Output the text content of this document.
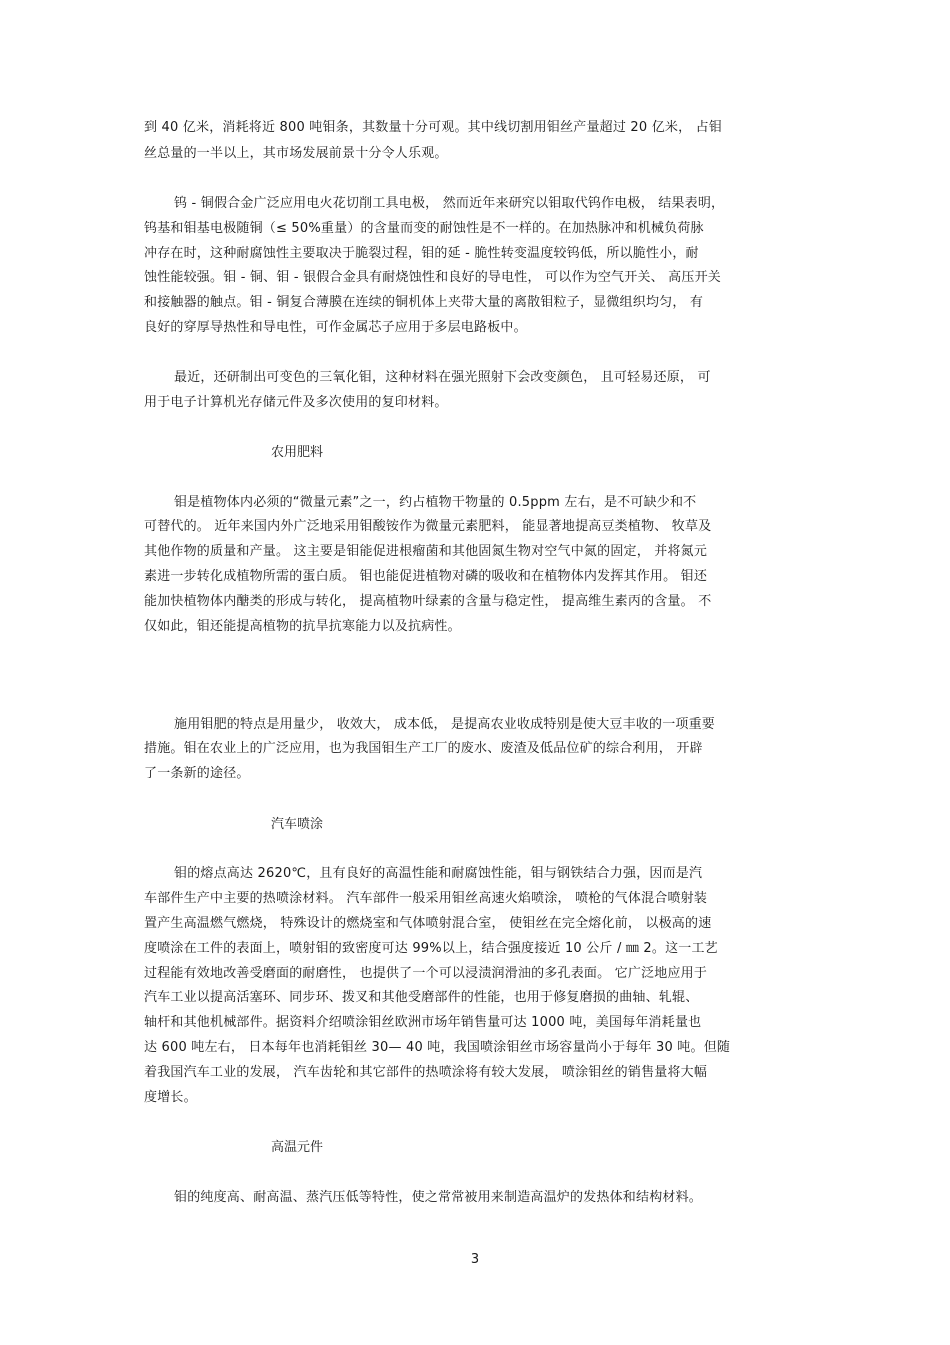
到 40 亿米，消耗将近 800 吨钼条，其数量十分可观。其中线切割用钼丝产量超过 20 亿米， 占钼
丝总量的一半以上，其市场发展前景十分令人乐观。
钨 - 铜假合金广泛应用电火花切削工具电极， 然而近年来研究以钼取代钨作电极， 结果表明，
钨基和钼基电极随铜（≤ 50%重量）的含量而变的耐蚀性是不一样的。在加热脉冲和机械负荷脉
冲存在时，这种耐腐蚀性主要取决于脆裂过程，钼的延 - 脆性转变温度较钨低，所以脆性小，耐
蚀性能较强。钼 - 铜、钼 - 银假合金具有耐烧蚀性和良好的导电性， 可以作为空气开关、 高压开关
和接触器的触点。钼 - 铜复合薄膜在连续的铜机体上夹带大量的离散钼粒子，显微组织均匀， 有
良好的穿厚导热性和导电性，可作金属芯子应用于多层电路板中。
最近，还研制出可变色的三氧化钼，这种材料在强光照射下会改变颜色， 且可轻易还原， 可
用于电子计算机光存储元件及多次使用的复印材料。
农用肥料
钼是植物体内必须的“微量元素”之一，约占植物干物量的 0.5ppm 左右，是不可缺少和不
可替代的。 近年来国内外广泛地采用钼酸铵作为微量元素肥料， 能显著地提高豆类植物、 牧草及
其他作物的质量和产量。 这主要是钼能促进根瘤菌和其他固氮生物对空气中氮的固定， 并将氮元
素进一步转化成植物所需的蛋白质。 钼也能促进植物对磷的吸收和在植物体内发挥其作用。 钼还
能加快植物体内醣类的形成与转化， 提高植物叶绿素的含量与稳定性， 提高维生素丙的含量。 不
仅如此，钼还能提高植物的抗旱抗寒能力以及抗病性。
施用钼肥的特点是用量少， 收效大， 成本低， 是提高农业收成特别是使大豆丰收的一项重要
措施。钼在农业上的广泛应用，也为我国钼生产工厂的废水、废渣及低品位矿的综合利用， 开辟
了一条新的途径。
汽车喷涂
钼的熔点高达 2620℃，且有良好的高温性能和耐腐蚀性能，钼与钢铁结合力强，因而是汽
车部件生产中主要的热喷涂材料。 汽车部件一般采用钼丝高速火焰喷涂， 喷枪的气体混合喷射装
置产生高温燃气燃烧， 特殊设计的燃烧室和气体喷射混合室， 使钼丝在完全熔化前， 以极高的速
度喷涂在工件的表面上，喷射钼的致密度可达 99%以上，结合强度接近 10 公斤 / ㎜ 2。这一工艺
过程能有效地改善受磨面的耐磨性， 也提供了一个可以浸渍润滑油的多孔表面。 它广泛地应用于
汽车工业以提高活塞环、同步环、拨叉和其他受磨部件的性能，也用于修复磨损的曲轴、轧辊、
轴杆和其他机械部件。据资料介绍喷涂钼丝欧洲市场年销售量可达 1000 吨，美国每年消耗量也
达 600 吨左右， 日本每年也消耗钼丝 30— 40 吨，我国喷涂钼丝市场容量尚小于每年 30 吨。但随
着我国汽车工业的发展， 汽车齿轮和其它部件的热喷涂将有较大发展， 喷涂钼丝的销售量将大幅
度增长。
高温元件
钼的纯度高、耐高温、蒸汽压低等特性，使之常常被用来制造高温炉的发热体和结构材料。
3
